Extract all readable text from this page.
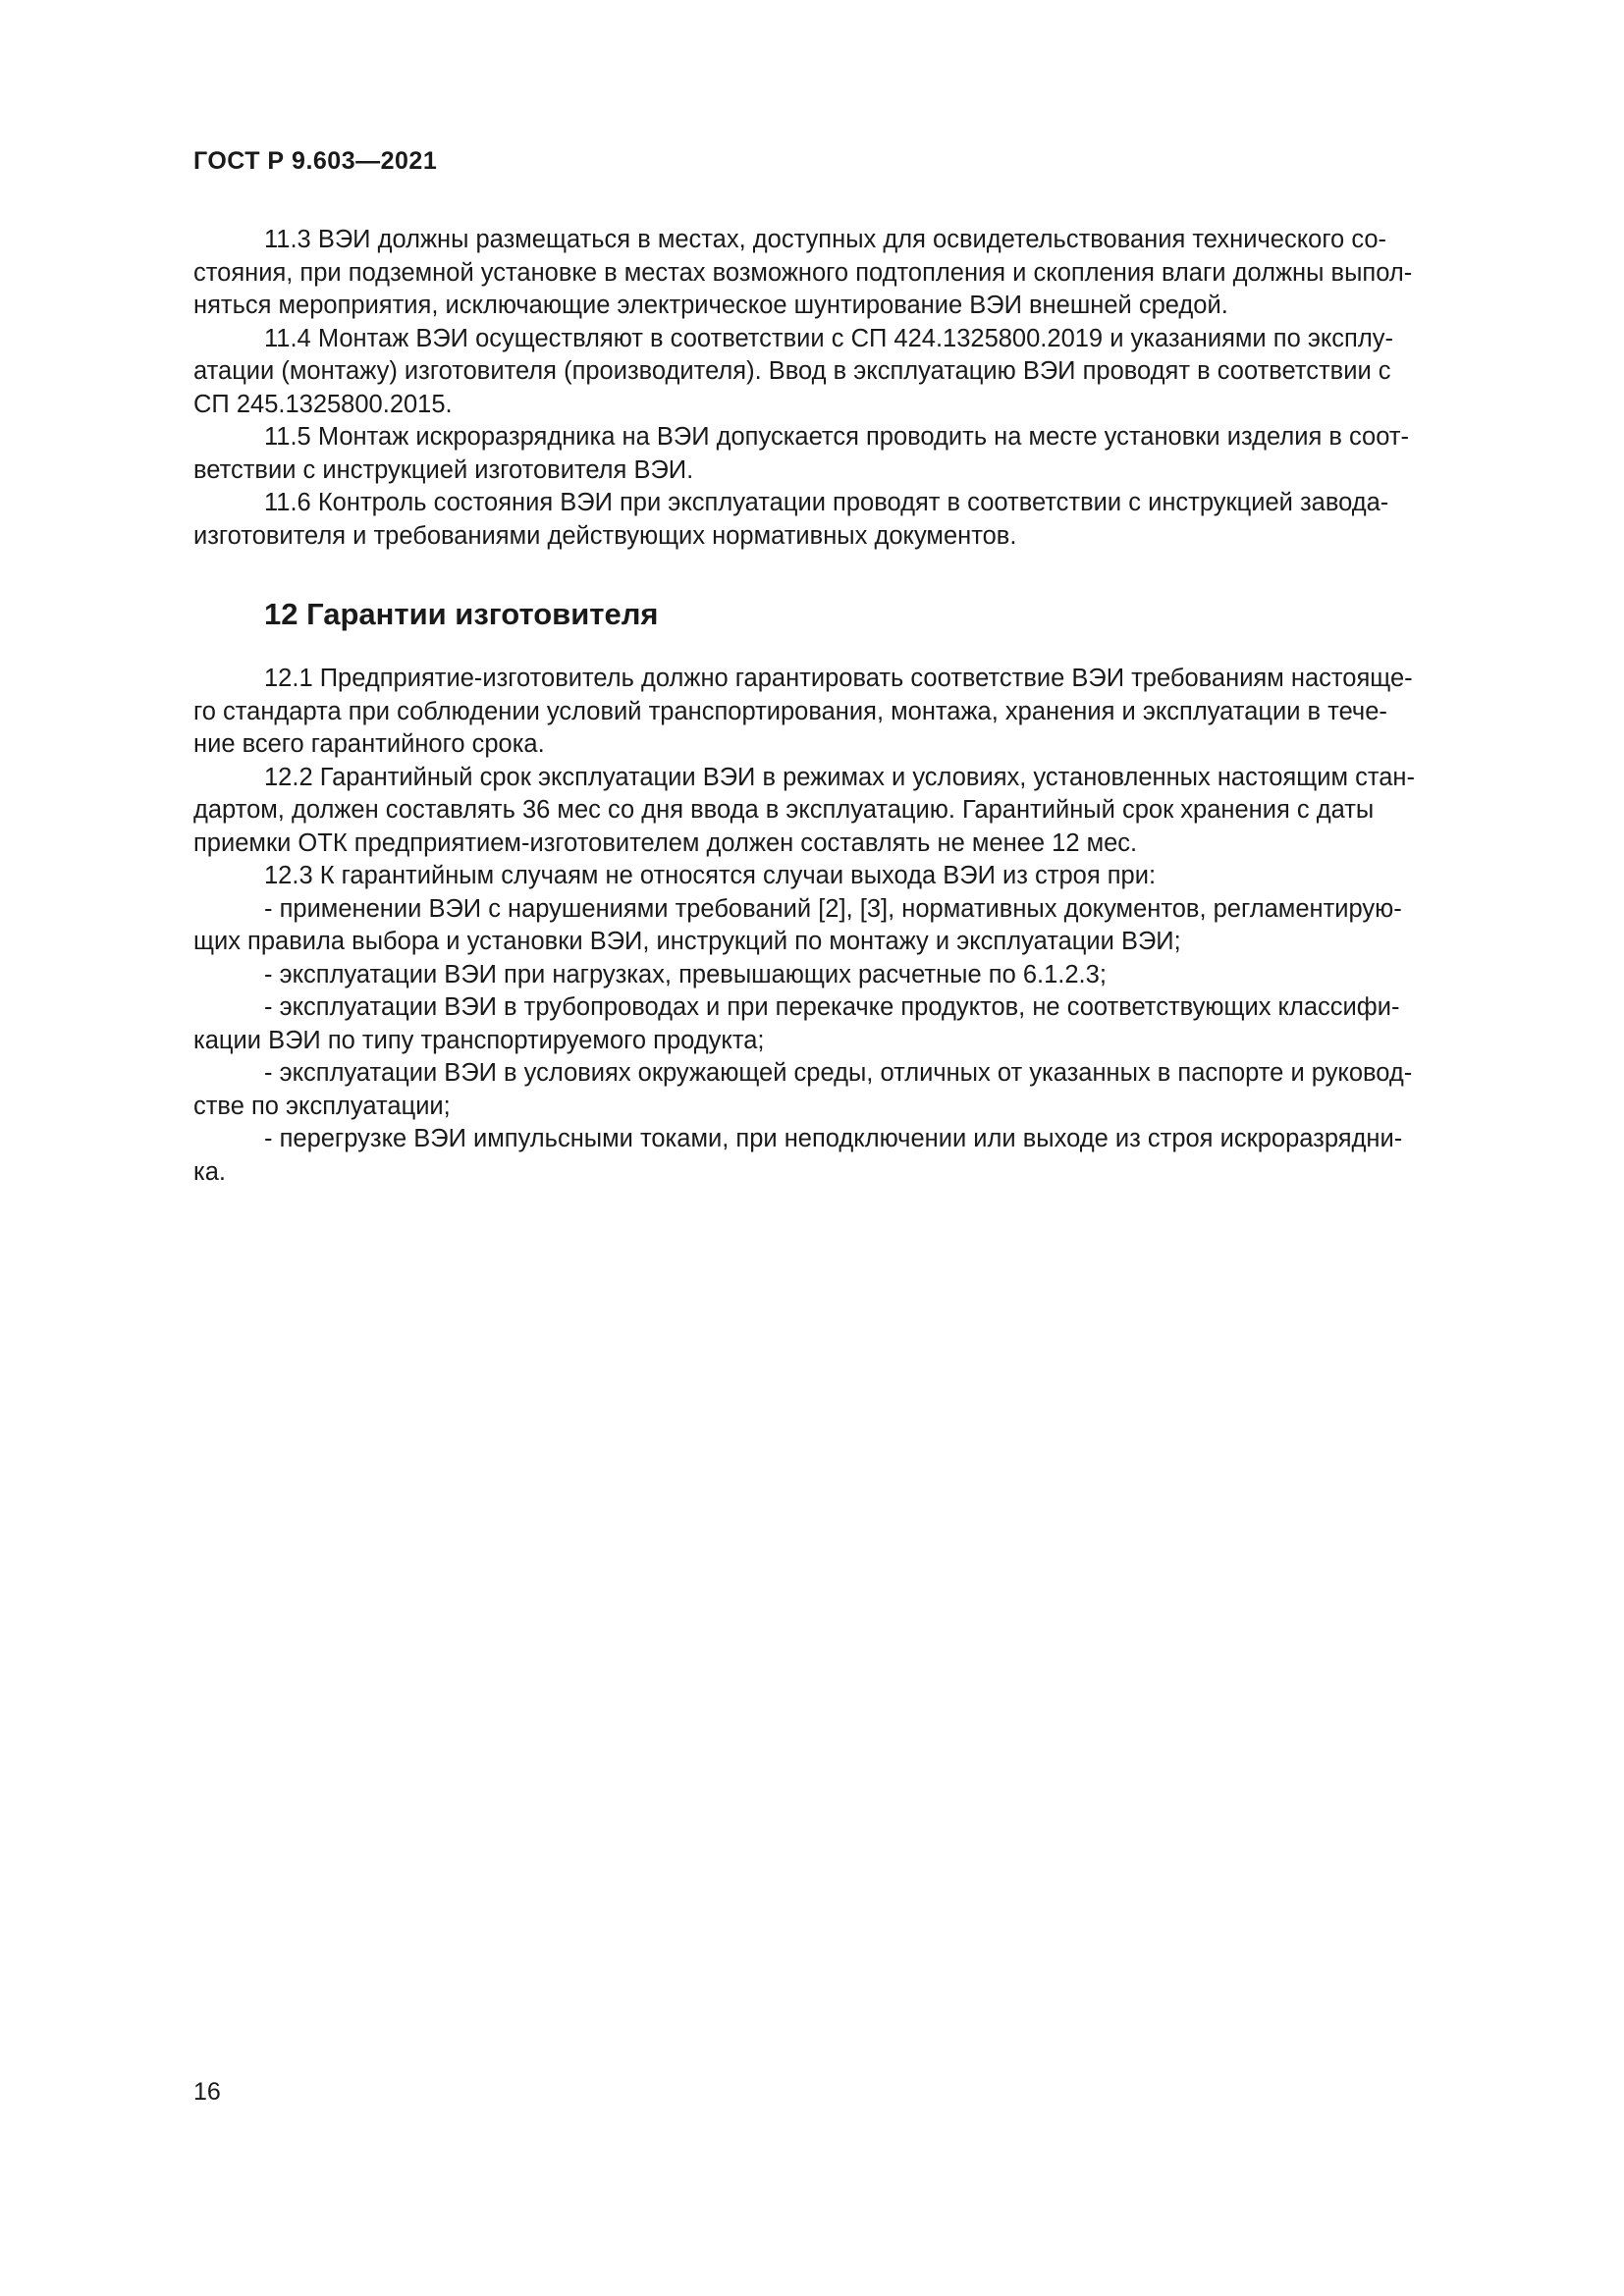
ГОСТ Р 9.603—2021

11.3 ВЭИ должны размещаться в местах, доступных для освидетельствования технического со-
стояния, при подземной установке в местах возможного подтопления и скопления влаги должны выпол-
няться мероприятия, исключающие электрическое шунтирование ВЭИ внешней средой.

11.4 Монтаж ВЭИ осуществляют в соответствии с СП 424.1325800.2019 и указаниями по эксплу-
атации (монтажу) изготовителя (производителя). Ввод в эксплуатацию ВЭИ проводят в соответствии с
СП 245.1325800.2015.

11.5 Монтаж искроразрядника на ВЭИ допускается проводить на месте установки изделия в соот-
ветствии с инструкцией изготовителя ВЭИ.

11.6 Контроль состояния ВЭИ при эксплуатации проводят в соответствии с инструкцией завода-
изготовителя и требованиями действующих нормативных документов.

12 Гарантии изготовителя

12.1 Предприятие-изготовитель должно гарантировать соответствие ВЭИ требованиям настояще-
го стандарта при соблюдении условий транспортирования, монтажа, хранения и эксплуатации в тече-
ние всего гарантийного срока.

12.2 Гарантийный срок эксплуатации ВЭИ в режимах и условиях, установленных настоящим стан-
дартом, должен составлять 36 мес со дня ввода в эксплуатацию. Гарантийный срок хранения с даты
приемки ОТК предприятием-изготовителем должен составлять не менее 12 мес.

12.3 К гарантийным случаям не относятся случаи выхода ВЭИ из строя при:

- применении ВЭИ с нарушениями требований [2], [3], нормативных документов, регламентирую-
щих правила выбора и установки ВЭИ, инструкций по монтажу и эксплуатации ВЭИ;

- эксплуатации ВЭИ при нагрузках, превышающих расчетные по 6.1.2.3;

- эксплуатации ВЭИ в трубопроводах и при перекачке продуктов, не соответствующих классифи-
кации ВЭИ по типу транспортируемого продукта;

- эксплуатации ВЭИ в условиях окружающей среды, отличных от указанных в паспорте и руковод-
стве по эксплуатации;

- перегрузке ВЭИ импульсными токами, при неподключении или выходе из строя искроразрядни-
ка.

16
